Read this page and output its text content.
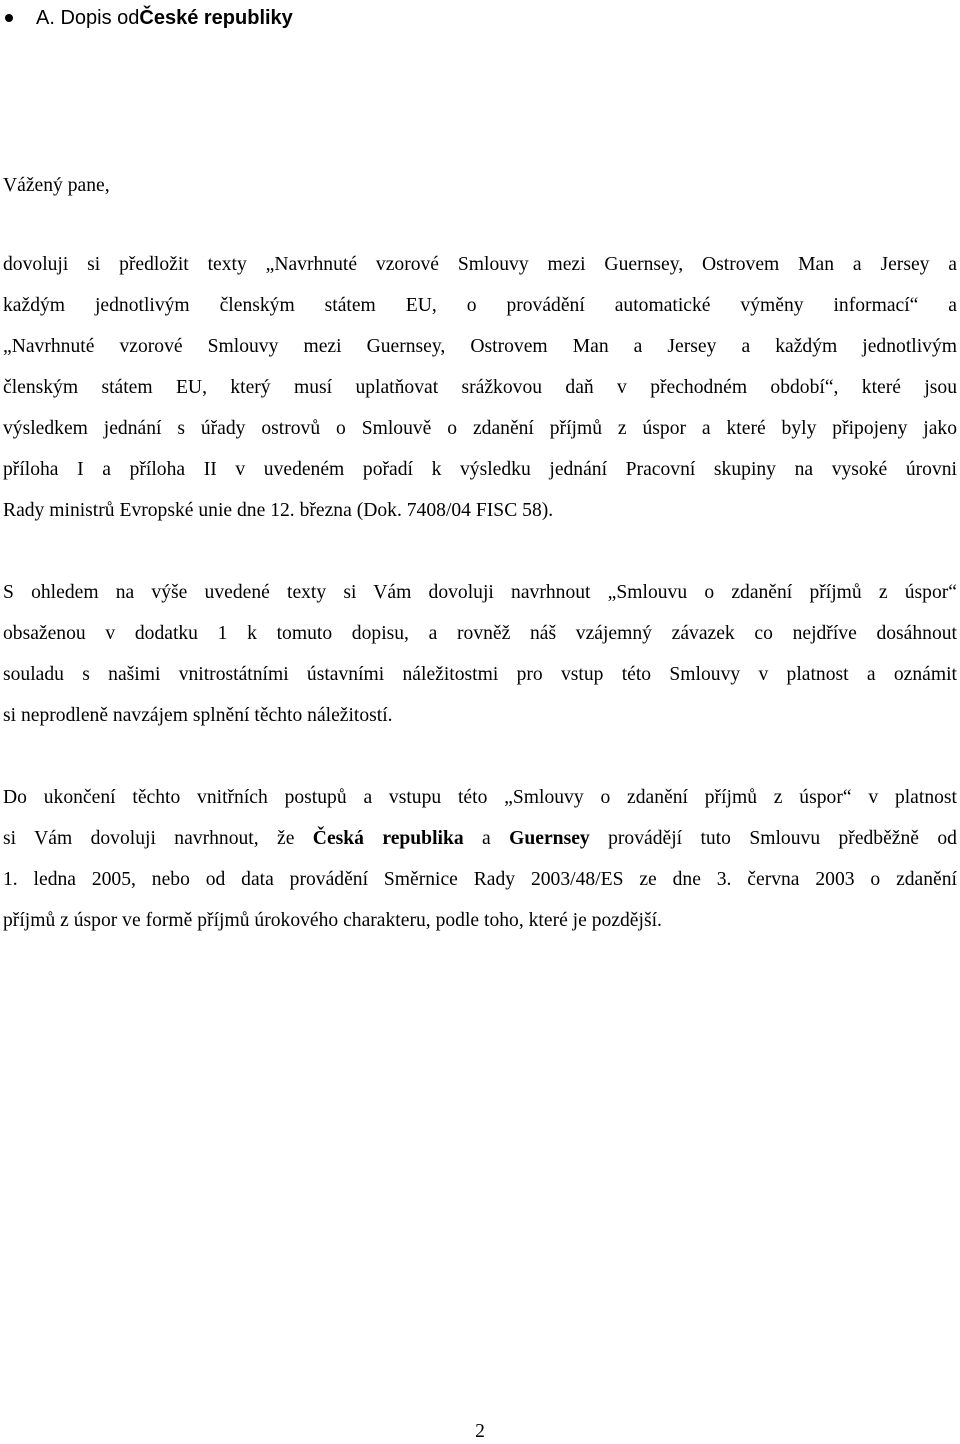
A. Dopis od České republiky

Vážený pane,

dovoluji si předložit texty „Navrhnuté vzorové Smlouvy mezi Guernsey, Ostrovem Man a Jersey a
každým jednotlivým členským státem EU, o provádění automatické výměny informací“ a
„Navrhnuté vzorové Smlouvy mezi Guernsey, Ostrovem Man a Jersey a každým jednotlivým
členským státem EU, který musí uplatňovat srážkovou daň v přechodném období“, které jsou
výsledkem jednání s úřady ostrovů o Smlouvě o zdanění příjmů z úspor a které byly připojeny jako
příloha I a příloha II v uvedeném pořadí k výsledku jednání Pracovní skupiny na vysoké úrovni
Rady ministrů Evropské unie dne 12. března (Dok. 7408/04 FISC 58).
S ohledem na výše uvedené texty si Vám dovoluji navrhnout „Smlouvu o zdanění příjmů z úspor“
obsaženou v dodatku 1 k tomuto dopisu, a rovněž náš vzájemný závazek co nejdříve dosáhnout
souladu s našimi vnitrostátními ústavními náležitostmi pro vstup této Smlouvy v platnost a oznámit
si neprodleně navzájem splnění těchto náležitostí.
Do ukončení těchto vnitřních postupů a vstupu této „Smlouvy o zdanění příjmů z úspor“ v platnost
si Vám dovoluji navrhnout, že Česká republika a Guernsey provádějí tuto Smlouvu předběžně od
1. ledna 2005, nebo od data provádění Směrnice Rady 2003/48/ES ze dne 3. června 2003 o zdanění
příjmů z úspor ve formě příjmů úrokového charakteru, podle toho, které je pozdější.
2
